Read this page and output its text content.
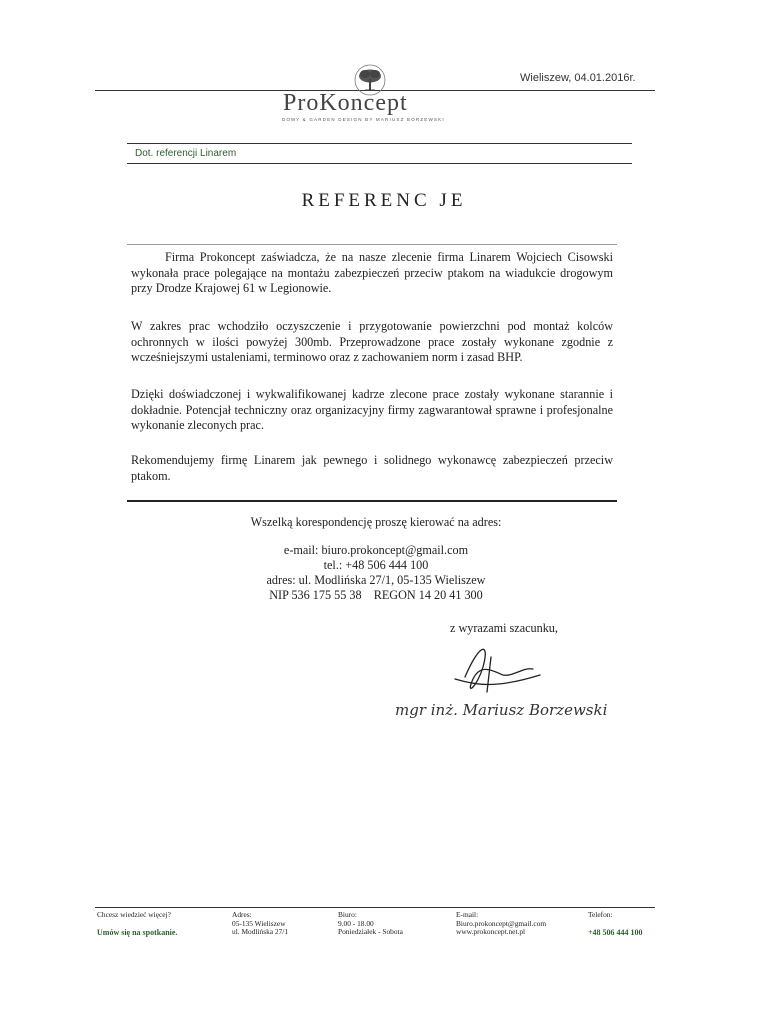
Wieliszew, 04.01.2016r.
ProKoncept
DOMY & GARDEN DESIGN BY MARIUSZ BORZEWSKI
Dot. referencji Linarem
REFERENC JE
Firma Prokoncept zaświadcza, że na nasze zlecenie firma Linarem Wojciech Cisowski wykonała prace polegające na montażu zabezpieczeń przeciw ptakom na wiadukcie drogowym przy Drodze Krajowej 61 w Legionowie.
W zakres prac wchodziło oczyszczenie i przygotowanie powierzchni pod montaż kolców ochronnych w ilości powyżej 300mb. Przeprowadzone prace zostały wykonane zgodnie z wcześniejszymi ustaleniami, terminowo oraz z zachowaniem norm i zasad BHP.
Dzięki doświadczonej i wykwalifikowanej kadrze zlecone prace zostały wykonane starannie i dokładnie. Potencjał techniczny oraz organizacyjny firmy zagwarantował sprawne i profesjonalne wykonanie zleconych prac.
Rekomendujemy firmę Linarem jak pewnego i solidnego wykonawcę zabezpieczeń przeciw ptakom.
Wszelką korespondencję proszę kierować na adres:
e-mail: biuro.prokoncept@gmail.com
tel.: +48 506 444 100
adres: ul. Modlińska 27/1, 05-135 Wieliszew
NIP 536 175 55 38    REGON 14 20 41 300
z wyrazami szacunku,
mgr inż. Mariusz Borzewski
Chcesz wiedzieć więcej?
Umów się na spotkanie.
Adres:
05-135 Wieliszew
ul. Modlińska 27/1
Biuro:
9.00 - 18.00
Poniedziałek - Sobota
E-mail:
Biuro.prokoncept@gmail.com
www.prokoncept.net.pl
Telefon:
+48 506 444 100
